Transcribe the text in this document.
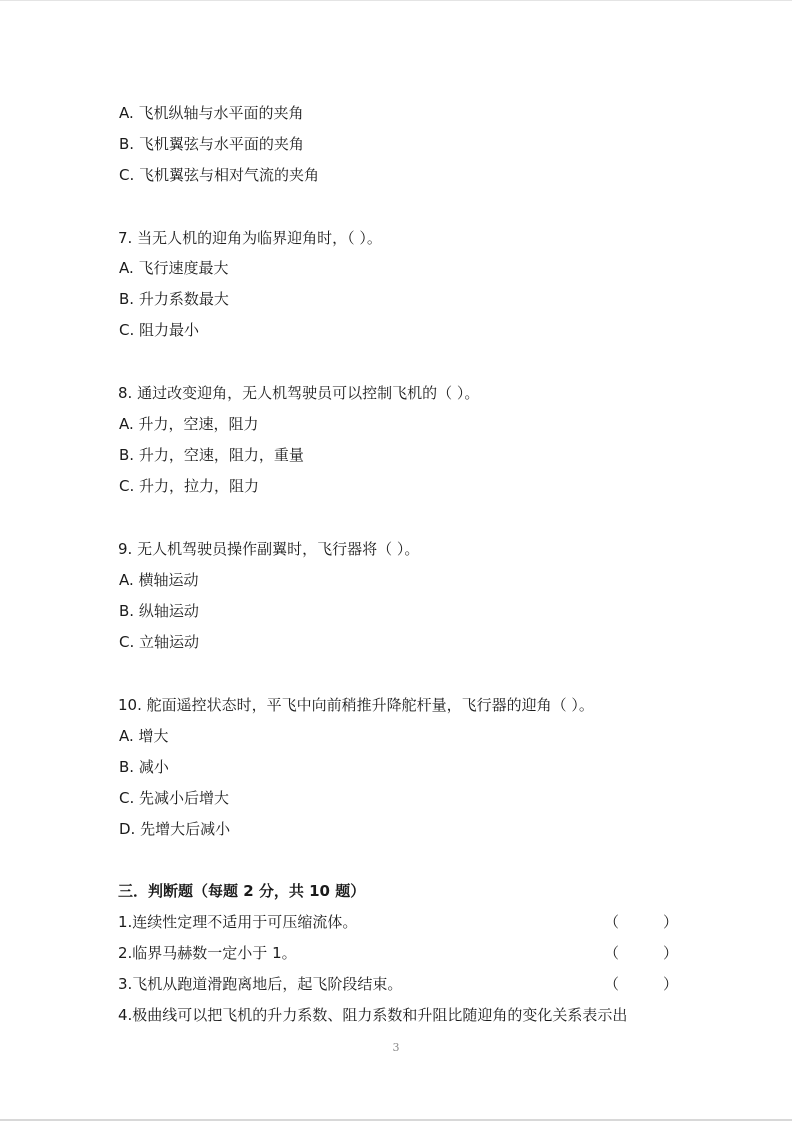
A. 飞机纵轴与水平面的夹角
B. 飞机翼弦与水平面的夹角
C. 飞机翼弦与相对气流的夹角
7. 当无人机的迎角为临界迎角时，（ ）。
A. 飞行速度最大
B. 升力系数最大
C. 阻力最小
8. 通过改变迎角，无人机驾驶员可以控制飞机的（ ）。
A. 升力，空速，阻力
B. 升力，空速，阻力，重量
C. 升力，拉力，阻力
9. 无人机驾驶员操作副翼时，飞行器将（ ）。
A. 横轴运动
B. 纵轴运动
C. 立轴运动
10. 舵面遥控状态时，平飞中向前稍推升降舵杆量，飞行器的迎角（ ）。
A. 增大
B. 减小
C. 先减小后增大
D. 先增大后减小
三．判断题（每题 2 分，共 10 题）
1.连续性定理不适用于可压缩流体。	（	）
2.临界马赫数一定小于 1。	（	）
3.飞机从跑道滑跑离地后，起飞阶段结束。	（	）
4.极曲线可以把飞机的升力系数、阻力系数和升阻比随迎角的变化关系表示出
3
